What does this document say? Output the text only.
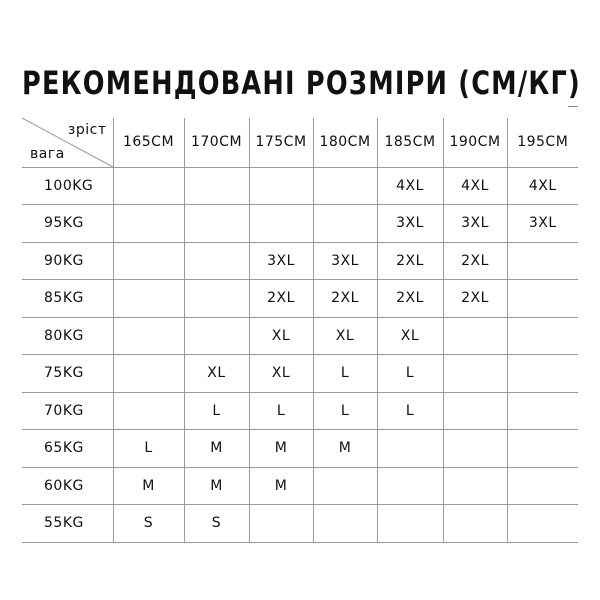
РЕКОМЕНДОВАНІ РОЗМІРИ (СМ/КГ)
зріст
вага	165CM	170CM	175CM	180CM	185CM	190CM	195CM
100KG					4XL	4XL	4XL
95KG					3XL	3XL	3XL
90KG			3XL	3XL	2XL	2XL	
85KG			2XL	2XL	2XL	2XL	
80KG			XL	XL	XL		
75KG		XL	XL	L	L		
70KG		L	L	L	L		
65KG	L	M	M	M			
60KG	M	M	M				
55KG	S	S					
